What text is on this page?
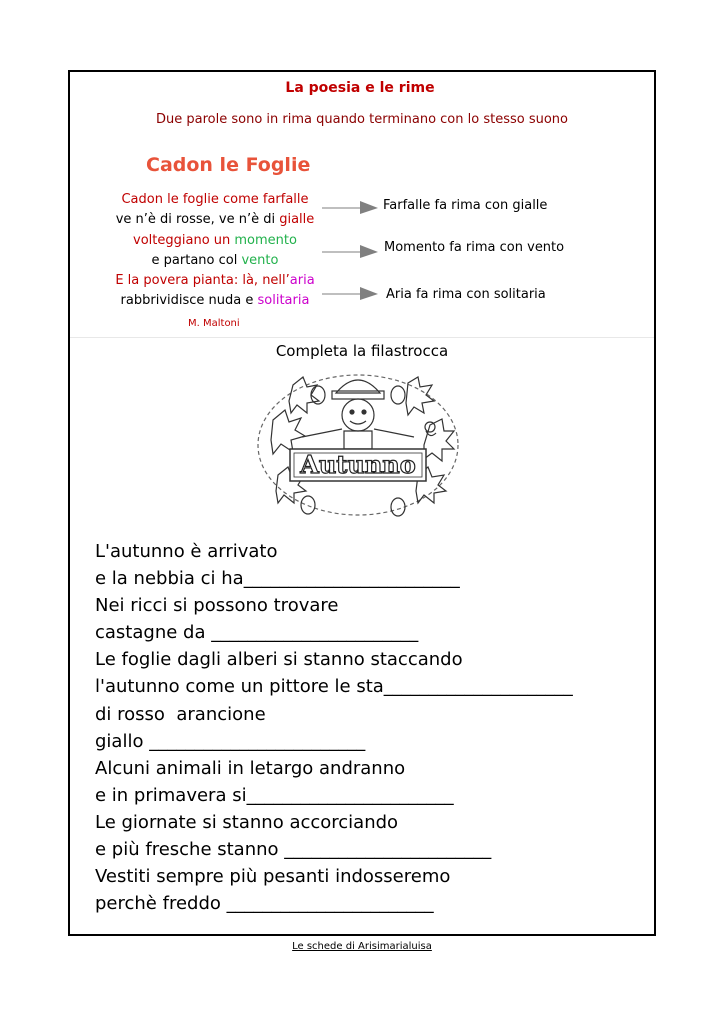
La poesia e le rime
Due parole sono in rima quando terminano con lo stesso suono
Cadon le Foglie
Cadon le foglie come farfalle
ve n’è di rosse, ve n’è di gialle
volteggiano un momento
e partano col vento
E la povera pianta: là, nell’aria
rabbrividisce nuda e solitaria
M. Maltoni
Farfalle fa rima con gialle
Momento fa rima con vento
Aria fa rima con solitaria
Completa la filastrocca
Autunno
L'autunno è arrivato
e la nebbia ci ha________________________
Nei ricci si possono trovare
castagne da _______________________
Le foglie dagli alberi si stanno staccando
l'autunno come un pittore le sta_____________________
di rosso  arancione
giallo ________________________
Alcuni animali in letargo andranno
e in primavera si_______________________
Le giornate si stanno accorciando
e più fresche stanno _______________________
Vestiti sempre più pesanti indosseremo
perchè freddo _______________________
Le schede di Arisimarialuisa
